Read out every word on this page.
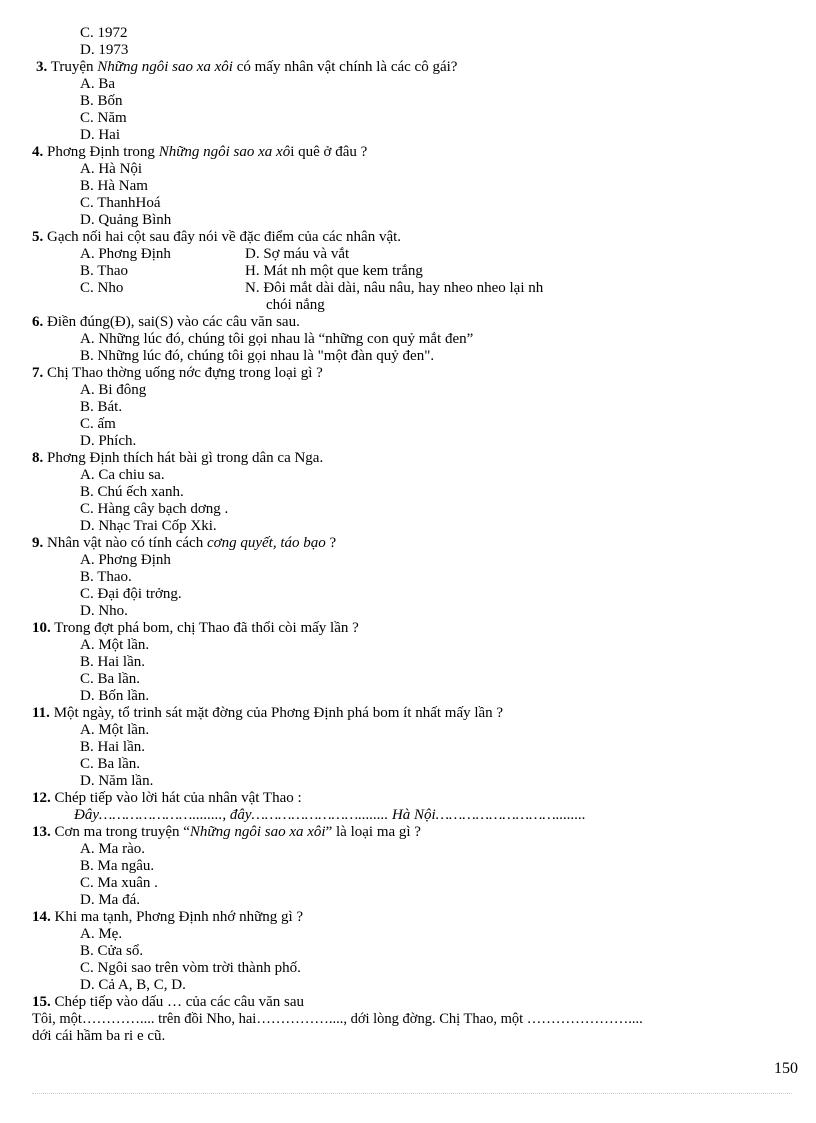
C. 1972
D. 1973
3. Truyện Những ngôi sao xa xôi có mấy nhân vật chính là các cô gái?
A. Ba
B. Bốn
C. Năm
D. Hai
4. Phơng Định trong Những ngôi sao xa xôi quê ở đâu ?
A. Hà Nội
B. Hà Nam
C. ThanhHoá
D. Quảng Bình
5. Gạch nối hai cột sau đây nói về đặc điểm của các nhân vật.
A. Phơng Định	D. Sợ máu và vắt
B. Thao	H. Mát nh một que kem trắng
C. Nho	N. Đôi mắt dài dài, nâu nâu, hay nheo nheo lại nh
chói nắng
6. Điền đúng(Đ), sai(S) vào các câu văn sau.
A. Những lúc đó, chúng tôi gọi nhau là “những con quỷ mắt đen”
B. Những lúc đó, chúng tôi gọi nhau là "một đàn quỷ đen".
7. Chị Thao thờng uống nớc đựng trong loại gì ?
A. Bi đông
B. Bát.
C. ấm
D. Phích.
8. Phơng Định thích hát bài gì trong dân ca Nga.
A. Ca chiu sa.
B. Chú ếch xanh.
C. Hàng cây bạch dơng .
D. Nhạc Trai Cốp Xki.
9. Nhân vật nào có tính cách cơng quyết, táo bạo ?
A. Phơng Định
B. Thao.
C. Đại đội trởng.
D. Nho.
10. Trong đợt phá bom, chị Thao đã thổi còi mấy lần ?
A. Một lần.
B. Hai lần.
C. Ba lần.
D. Bốn lần.
11. Một ngày, tổ trinh sát mặt đờng của Phơng Định phá bom ít nhất mấy lần ?
A. Một lần.
B. Hai lần.
C. Ba lần.
D. Năm lần.
12. Chép tiếp vào lời hát của nhân vật Thao :
Đây…………………........, đây……………………........ Hà Nội………………………........
13. Cơn ma trong truyện “Những ngôi sao xa xôi” là loại ma gì ?
A. Ma rào.
B. Ma ngâu.
C. Ma xuân .
D. Ma đá.
14. Khi ma tạnh, Phơng Định nhớ những gì ?
A. Mẹ.
B. Cửa sổ.
C. Ngôi sao trên vòm trời thành phố.
D. Cả A, B, C, D.
15. Chép tiếp vào dấu … của các câu văn sau
Tôi, một………….... trên đồi Nho, hai……………...., dới lòng đờng. Chị Thao, một …………………....
dới cái hầm ba ri e cũ.
150
